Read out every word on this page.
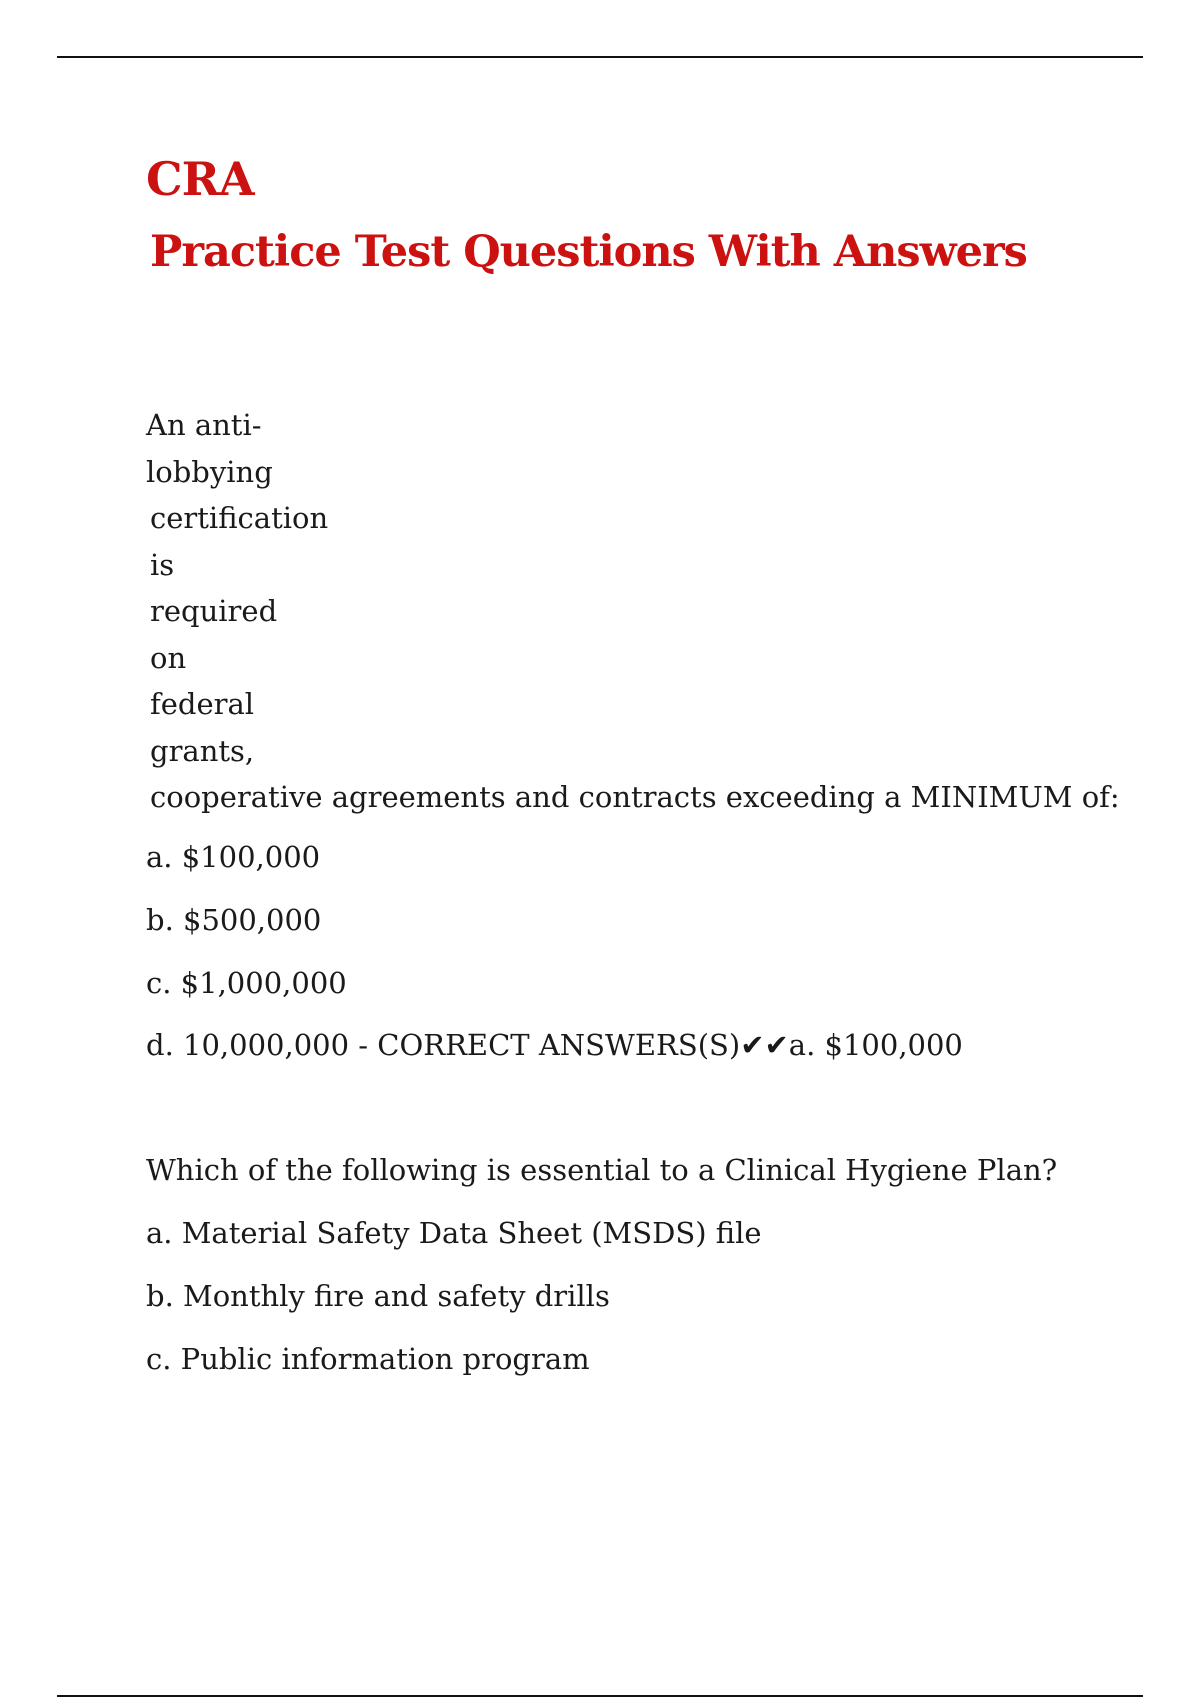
CRA
Practice Test Questions With Answers
An anti-
lobbying
certification
is
required
on
federal
grants,
cooperative agreements and contracts exceeding a MINIMUM of:

a. $100,000

b. $500,000

c. $1,000,000

d. 10,000,000 - CORRECT ANSWERS(S)✔✔a. $100,000

Which of the following is essential to a Clinical Hygiene Plan?

a. Material Safety Data Sheet (MSDS) file

b. Monthly fire and safety drills

c. Public information program
